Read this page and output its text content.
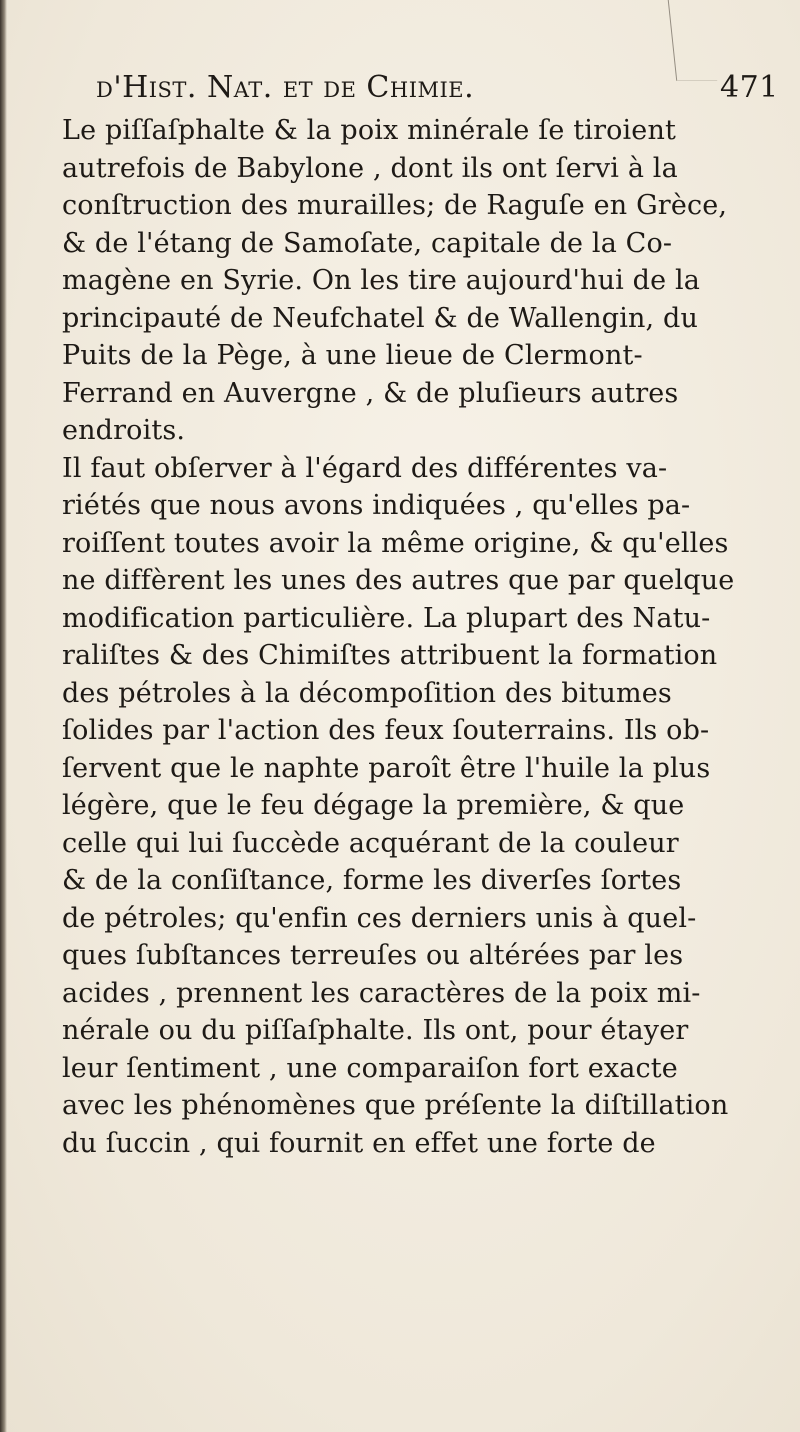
d'Hist. Nat. et de Chimie.	471
Le piſſaſphalte & la poix minérale ſe tiroient
autrefois de Babylone , dont ils ont ſervi à la
conſtruction des murailles; de Raguſe en Grèce,
& de l'étang de Samoſate, capitale de la Co-
magène en Syrie. On les tire aujourd'hui de la
principauté de Neufchatel & de Wallengin, du
Puits de la Pège, à une lieue de Clermont-
Ferrand en Auvergne , & de pluſieurs autres
endroits.
Il faut obſerver à l'égard des différentes va-
riétés que nous avons indiquées , qu'elles pa-
roiſſent toutes avoir la même origine, & qu'elles
ne diffèrent les unes des autres que par quelque
modification particulière. La plupart des Natu-
raliſtes & des Chimiſtes attribuent la formation
des pétroles à la décompoſition des bitumes
ſolides par l'action des feux ſouterrains. Ils ob-
ſervent que le naphte paroît être l'huile la plus
légère, que le feu dégage la première, & que
celle qui lui ſuccède acquérant de la couleur
& de la conſiſtance, forme les diverſes ſortes
de pétroles; qu'enfin ces derniers unis à quel-
ques ſubſtances terreuſes ou altérées par les
acides , prennent les caractères de la poix mi-
nérale ou du piſſaſphalte. Ils ont, pour étayer
leur ſentiment , une comparaiſon fort exacte
avec les phénomènes que préſente la diſtillation
du ſuccin , qui fournit en effet une forte de
